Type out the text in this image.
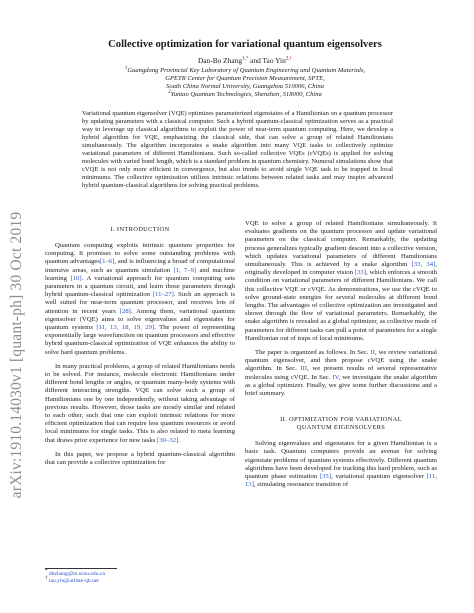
arXiv:1910.14030v1 [quant-ph] 30 Oct 2019
Collective optimization for variational quantum eigensolvers
Dan-Bo Zhang$^{1,*}$ and Tao Yin$^{2,\dagger}$
$^1$Guangdong Provincial Key Laboratory of Quantum Engineering and Quantum Materials,
GPETR Center for Quantum Precision Measurement, SPTE,
South China Normal University, Guangzhou 510006, China
$^2$Yuntao Quantum Technologies, Shenzhen, 518000, China
Variational quantum eigensolver (VQE) optimizes parameterized eigenstates of a Hamiltonian on a quantum processor by updating parameters with a classical computer. Such a hybrid quantum-classical optimization serves as a practical way to leverage up classical algorithms to exploit the power of near-term quantum computing. Here, we develop a hybrid algorithm for VQE, emphasizing the classical side, that can solve a group of related Hamiltonians simultaneously. The algorithm incorporates a snake algorithm into many VQE tasks to collectively optimize variational parameters of different Hamiltonians. Such so-called collective VQEs (cVQEs) is applied for solving molecules with varied bond length, which is a standard problem in quantum chemistry. Numeral simulations show that cVQE is not only more efficient in convergence, but also trends to avoid single VQE task to be trapped in local minimums. The collective optimization utilizes intrinsic relations between related tasks and may inspire advanced hybrid quantum-classical algorithms for solving practical problems.
I. INTRODUCTION

Quantum computing exploits intrinsic quantum properties for computing. It promises to solve some outstanding problems with quantum advantages[1–6], and is influencing a broad of computational intensive areas, such as quantum simulation [1, 7–9] and machine learning [10]. A variational approach for quantum computing sets parameters in a quantum circuit, and learn those parameters through hybrid quantum-classical optimization [11–27]. Such an approach is well suited for near-term quantum processor, and receives lots of attention in recent years [28]. Among them, variational quantum eigensolver (VQE) aims to solve eigenvalues and eigenstates for quantum systems [11, 13, 18, 19, 29]. The power of representing exponentially large wavefunction on quantum processors and effective hybrid quantum-classical optimization of VQE enhances the ability to solve hard quantum problems.

In many practical problems, a group of related Hamiltonians needs to be solved. For instance, molecule electronic Hamiltonians under different bond lengths or angles, or quantum many-body systems with different interacting strengths. VQE can solve such a group of Hamiltonians one by one independently, without taking advantage of previous results. However, those tasks are mostly similar and related to each other, such that one can exploit intrinsic relations for more efficient optimization that can require less quantum resources or avoid local minimums for single tasks. This is also related to meta learning that draws prior experience for new tasks [30–32].

In this paper, we propose a hybrid quantum-classical algorithm that can provide a collective optimization for

VQE to solve a group of related Hamiltonians simultaneously. It evaluates gradients on the quantum processor and update variational parameters on the classical computer. Remarkably, the updating process generalizes typically gradient descent into a collective version, which updates variational parameters of different Hamiltonians simultaneously. This is achieved by a snake algorithm [33, 34], originally developed in computer vision [33], which enforces a smooth condition on variational parameters of different Hamiltonians. We call this collective VQE or cVQE. As demonstrations, we use the cVQE to solve ground-state energies for several molecules at different bond lengths. The advantages of collective optimization are investigated and shown through the flow of variational parameters. Remarkably, the snake algorithm is revealed as a global optimizer, as collective mode of parameters for different tasks can pull a point of parameters for a single Hamiltonian out of traps of local minimums.

The paper is organized as follows. In Sec. II, we review variational quantum eigensolver, and then propose cVQE using the snake algorithm. In Sec. III, we present results of several representative molecules using cVQE. In Sec. IV, we investigate the snake algorithm as a global optimizer. Finally, we give some further discussions and a brief summary.

II. OPTIMIZATION FOR VARIATIONAL
QUANTUM EIGENSOLVERS

Solving eigenvalues and eigenstates for a given Hamiltonian is a basic task. Quantum computers provide an avenue for solving eigenstate problems of quantum systems effectively. Different quantum algorithms have been developed for tracking this hard problem, such as quantum phase estimation [35], variational quantum eigensolver [11, 13], simulating resonance transition of

* dbzhang@m.scnu.edu.cn
† tao.yin@artiste-qb.net
